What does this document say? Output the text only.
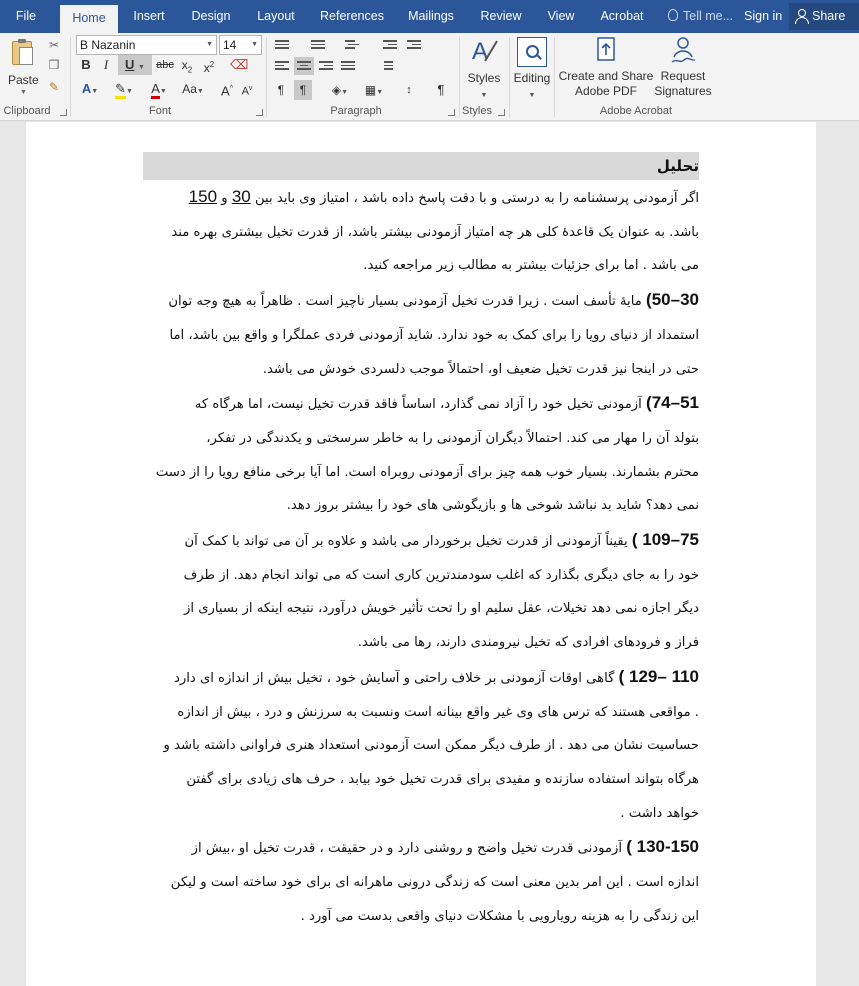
File	Home	Insert	Design	Layout	References	Mailings	Review	View	Acrobat	Tell me... Sign in	Share
Paste
▼
✂
❐
✎
Clipboard
B Nazanin	▼ 14 ▼
B	I	U ▼	abc $x_2$ $x^2$ ⌫
A▼	✎▼	A▼	Aa▼	A^ $A^v$
Font
¶	¶	◈▼	▦▼	↕	¶
Paragraph
A
Styles
▼
Styles
Editing
▼
Create and Share
Adobe PDF
Request
Signatures
Adobe Acrobat
تحلیل
اگر آزمودنی پرسشنامه را به درستی و با دقت پاسخ داده باشد ، امتیاز وی باید بین 30 و 150
باشد. به عنوان یک قاعدهٔ کلی هر چه امتیاز آزمودنی بیشتر باشد، از قدرت تخیل بیشتری بهره مند
می باشد . اما برای جزئیات بیشتر به مطالب زیر مراجعه کنید.
30–50) مایهٔ تأسف است . زیرا قدرت تخیل آزمودنی بسیار ناچیز است . ظاهراً به هیچ وجه توان
استمداد از دنیای رویا را برای کمک به خود ندارد. شاید آزمودنی فردی عملگرا و واقع بین باشد، اما
حتی در اینجا نیز قدرت تخیل ضعیف او، احتمالاً موجب دلسردی خودش می باشد.
51–74) آزمودنی تخیل خود را آزاد نمی گذارد، اساساً فاقد قدرت تخیل نیست، اما هرگاه که
بتولد آن را مهار می کند. احتمالاً دیگران آزمودنی را به خاطر سرسختی و یکدندگی در تفکر،
محترم بشمارند. بسیار خوب همه چیز برای آزمودنی روبراه است. اما آیا برخی منافع رویا را از دست
نمی دهد؟ شاید بد نباشد شوخی ها و بازیگوشی های خود را بیشتر بروز دهد.
75–109 ) یقیناً آزمودنی از قدرت تخیل برخوردار می باشد و علاوه بر آن می تواند با کمک آن
خود را به جای دیگری بگذارد که اغلب سودمندترین کاری است که می تواند انجام دهد. از طرف
دیگر اجازه نمی دهد تخیلات، عقل سلیم او را تحت تأثیر خویش درآورد، نتیجه اینکه از بسیاری از
فراز و فرودهای افرادی که تخیل نیرومندی دارند، رها می باشد.
110 –129 ) گاهی اوقات آزمودنی بر خلاف راحتی و آسایش خود ، تخیل بیش از اندازه ای دارد
. مواقعی هستند که ترس های وی غیر واقع بینانه است ونسبت به سرزنش و درد ، بیش از اندازه
حساسیت نشان می دهد . از طرف دیگر ممکن است آزمودنی استعداد هنری فراوانی داشته باشد و
هرگاه بتواند استفاده سازنده و مفیدی برای قدرت تخیل خود بیابد ، حرف های زیادی برای گفتن
خواهد داشت .
130-150 ) آزمودنی قدرت تخیل واضح و روشنی دارد و در حقیقت ، قدرت تخیل او ،بیش از
اندازه است . این امر بدین معنی است که زندگی درونی ماهرانه ای برای خود ساخته است و لیکن
این زندگی را به هزینه رویارویی با مشکلات دنیای واقعی بدست می آورد .
